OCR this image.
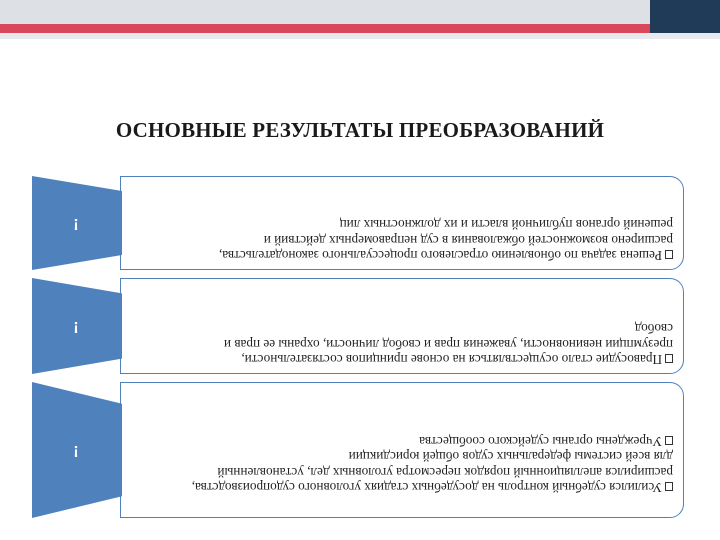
ОСНОВНЫЕ РЕЗУЛЬТАТЫ ПРЕОБРАЗОВАНИЙ
Решена задача по обновлению отраслевого процессуального законодательства,
расширено возможностей обжалования в суд неправомерных действий и
решений органов публичной власти и их должностных лиц
!
Правосудие стало осуществляться на основе принципов состязательности,
презумпции невиновности, уважения прав и свобод личности, охраны ее прав и
свобод
!
Усилился судебный контроль на досудебных стадиях уголовного судопроизводства,
расширился апелляционный порядок пересмотра уголовных дел, установленный
для всей системы федеральных судов общей юрисдикции
Учреждены органы судейского сообщества
!
